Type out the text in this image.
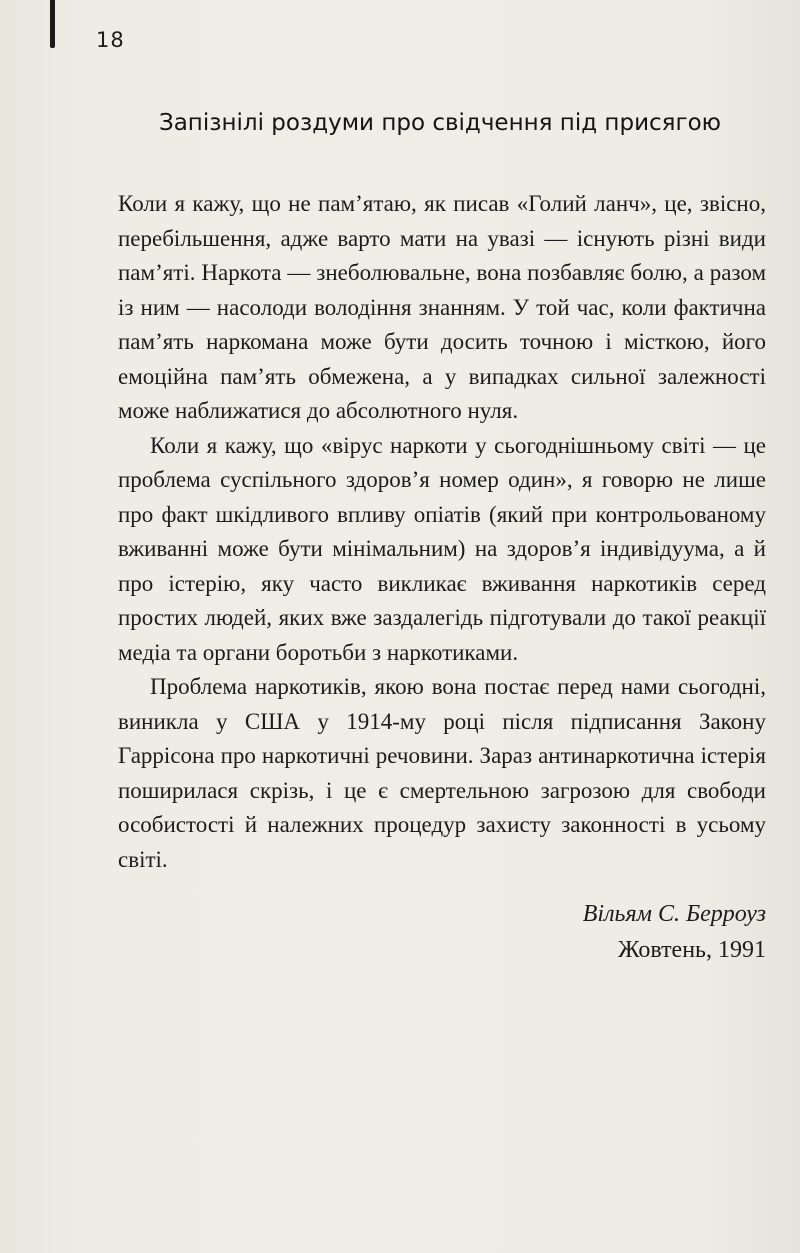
18
Запізнілі роздуми про свідчення під присягою

Коли я кажу, що не пам’ятаю, як писав «Голий ланч», це, звісно, перебільшення, адже варто мати на увазі — існують різні види пам’яті. Наркота — знеболювальне, вона позбавляє болю, а разом із ним — насолоди володіння знанням. У той час, коли фактична пам’ять наркомана може бути досить точною і місткою, його емоційна пам’ять обмежена, а у випадках сильної залежності може наближатися до абсолютного нуля.

Коли я кажу, що «вірус наркоти у сьогоднішньому світі — це проблема суспільного здоров’я номер один», я говорю не лише про факт шкідливого впливу опіатів (який при контрольованому вживанні може бути мінімальним) на здоров’я індивідуума, а й про істерію, яку часто викликає вживання наркотиків серед простих людей, яких вже заздалегідь підготували до такої реакції медіа та органи боротьби з наркотиками.

Проблема наркотиків, якою вона постає перед нами сьогодні, виникла у США у 1914-му році після підписання Закону Гаррісона про наркотичні речовини. Зараз антинаркотична істерія поширилася скрізь, і це є смертельною загрозою для свободи особистості й належних процедур захисту законності в усьому світі.

Вільям С. Берроуз
Жовтень, 1991
